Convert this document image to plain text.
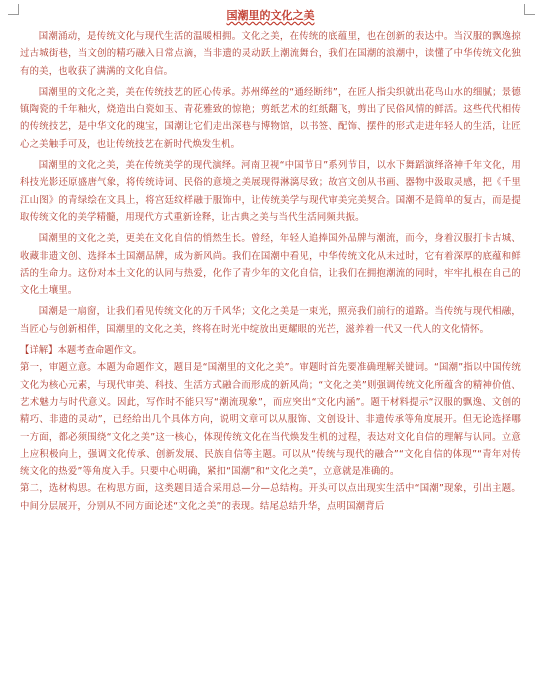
国潮里的文化之美

国潮涌动，是传统文化与现代生活的温暖相拥。文化之美，在传统的底蕴里，也在创新的表达中。当汉服的飘逸掠过古城街巷，当文创的精巧融入日常点滴，当非遗的灵动跃上潮流舞台，我们在国潮的浪潮中，读懂了中华传统文化独有的美，也收获了满满的文化自信。

国潮里的文化之美，美在传统技艺的匠心传承。苏州缂丝的“通经断纬”，在匠人指尖织就出花鸟山水的细腻；景德镇陶瓷的千年釉火，烧造出白瓷如玉、青花雅致的惊艳；剪纸艺术的红纸翻飞，剪出了民俗风情的鲜活。这些代代相传的传统技艺，是中华文化的瑰宝，国潮让它们走出深巷与博物馆，以书签、配饰、摆件的形式走进年轻人的生活，让匠心之美触手可及，也让传统技艺在新时代焕发生机。

国潮里的文化之美，美在传统美学的现代演绎。河南卫视“中国节日”系列节目，以水下舞蹈演绎洛神千年文化，用科技光影还原盛唐气象，将传统诗词、民俗的意境之美展现得淋漓尽致；故宫文创从书画、器物中汲取灵感，把《千里江山图》的青绿绘在文具上，将宫廷纹样融于服饰中，让传统美学与现代审美完美契合。国潮不是简单的复古，而是提取传统文化的美学精髓，用现代方式重新诠释，让古典之美与当代生活同频共振。

国潮里的文化之美，更美在文化自信的悄然生长。曾经，年轻人追捧国外品牌与潮流，而今，身着汉服打卡古城、收藏非遗文创、选择本土国潮品牌，成为新风尚。我们在国潮中看见，中华传统文化从未过时，它有着深厚的底蕴和鲜活的生命力。这份对本土文化的认同与热爱，化作了青少年的文化自信，让我们在拥抱潮流的同时，牢牢扎根在自己的文化土壤里。

国潮是一扇窗，让我们看见传统文化的万千风华；文化之美是一束光，照亮我们前行的道路。当传统与现代相融，当匠心与创新相伴，国潮里的文化之美，终将在时光中绽放出更耀眼的光芒，滋养着一代又一代人的文化情怀。

【详解】本题考查命题作文。

第一，审题立意。本题为命题作文，题目是“国潮里的文化之美”。审题时首先要准确理解关键词。“国潮”指以中国传统文化为核心元素，与现代审美、科技、生活方式融合而形成的新风尚；“文化之美”则强调传统文化所蕴含的精神价值、艺术魅力与时代意义。因此，写作时不能只写“潮流现象”，而应突出“文化内涵”。题干材料提示“汉服的飘逸、文创的精巧、非遗的灵动”，已经给出几个具体方向，说明文章可以从服饰、文创设计、非遗传承等角度展开。但无论选择哪一方面，都必须围绕“文化之美”这一核心，体现传统文化在当代焕发生机的过程，表达对文化自信的理解与认同。立意上应积极向上，强调文化传承、创新发展、民族自信等主题。可以从“传统与现代的融合”“文化自信的体现”“青年对传统文化的热爱”等角度入手。只要中心明确，紧扣“国潮”和“文化之美”，立意就是准确的。

第二，选材构思。在构思方面，这类题目适合采用总—分—总结构。开头可以点出现实生活中“国潮”现象，引出主题。中间分层展开，分别从不同方面论述“文化之美”的表现。结尾总结升华，点明国潮背后
